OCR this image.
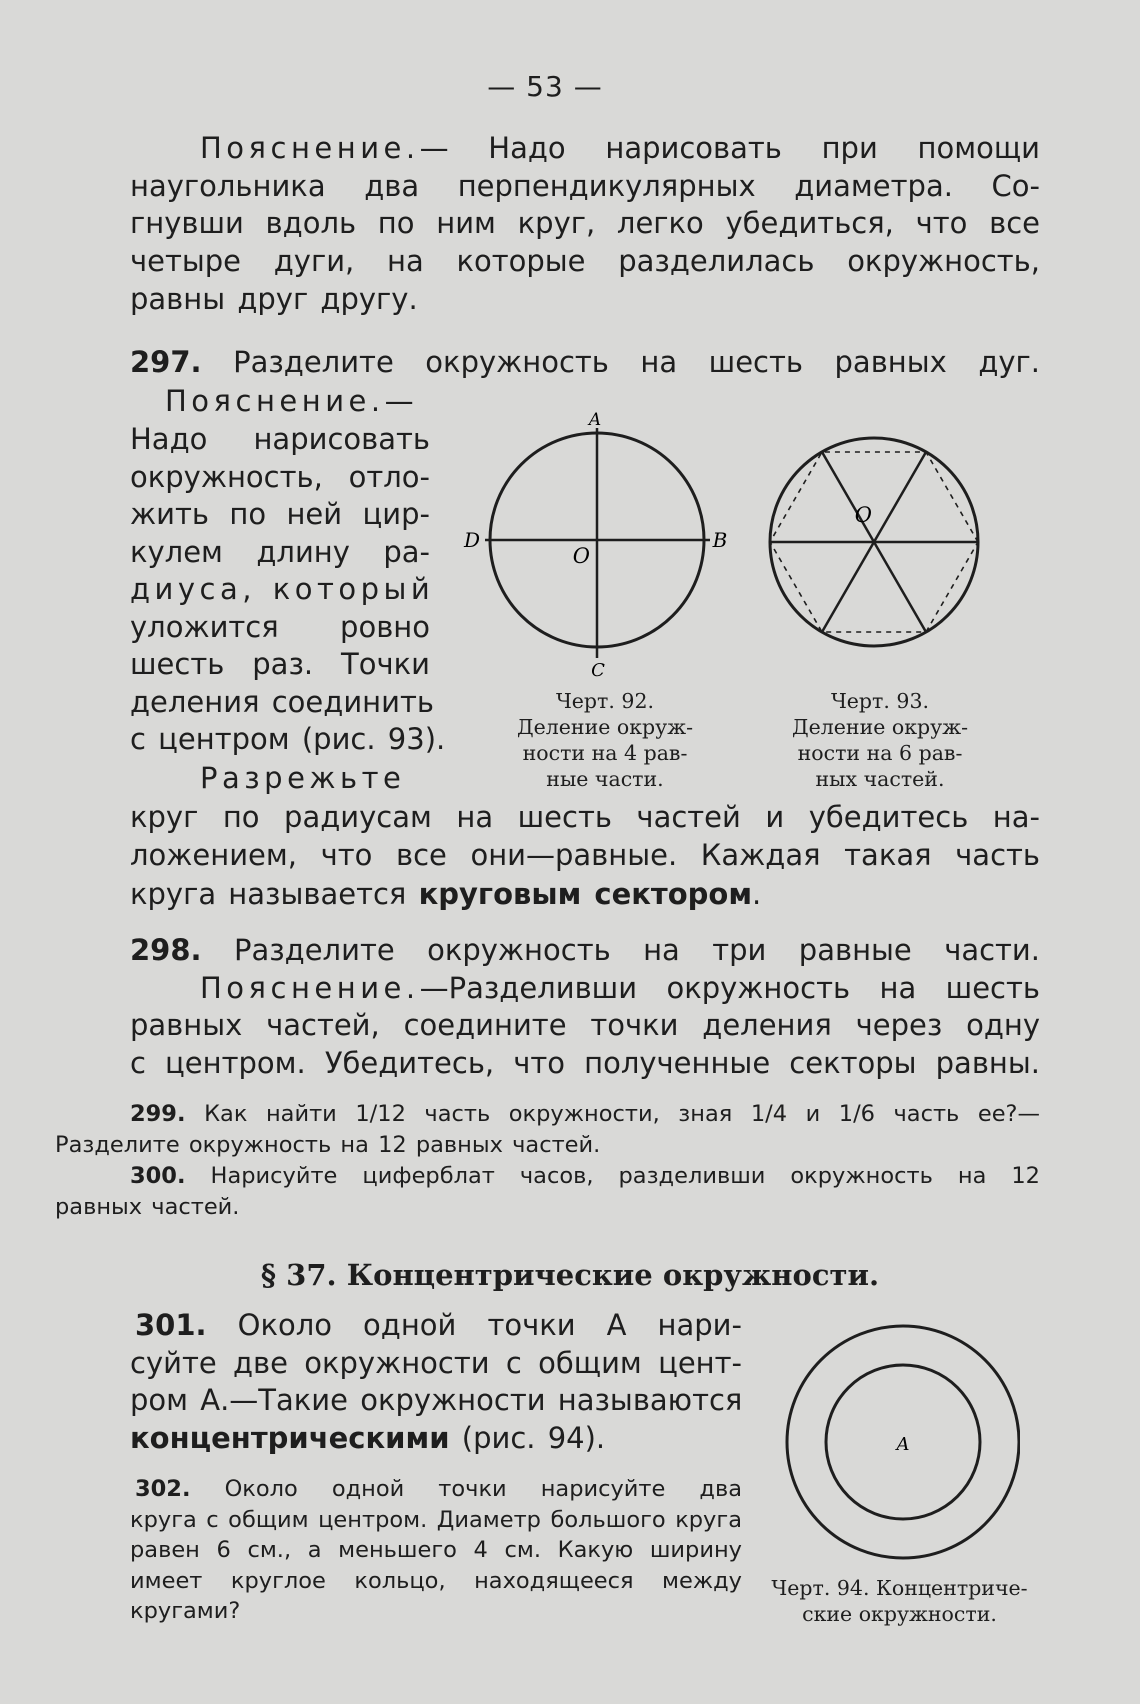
— 53 —
Пояснение.— Надо нарисовать при помощи
наугольника два перпендикулярных диаметра. Со-
гнувши вдоль по ним круг, легко убедиться, что все
четыре дуги, на которые разделилась окружность,
равны друг другу.
297. Разделите окружность на шесть равных дуг.
Пояснение.—
Надо нарисовать
окружность, отло-
жить по ней цир-
кулем длину ра-
диуса, который
уложится ровно
шесть раз. Точки
деления соединить
с центром (рис. 93).
Разрежьте
круг по радиусам на шесть частей и убедитесь на-
ложением, что все они—равные. Каждая такая часть
круга называется круговым сектором.
A
D	B
C
O
Черт. 92.
Деление окруж-
ности на 4 рав-
ные части.
O
Черт. 93.
Деление окруж-
ности на 6 рав-
ных частей.
298. Разделите окружность на три равные части.
Пояснение.—Разделивши окружность на шесть
равных частей, соедините точки деления через одну
с центром. Убедитесь, что полученные секторы равны.
299. Как найти 1/12 часть окружности, зная 1/4 и 1/6 часть ее?—
Разделите окружность на 12 равных частей.
300. Нарисуйте циферблат часов, разделивши окружность на 12
равных частей.
§ 37. Концентрические окружности.
301. Около одной точки А нари-
суйте две окружности с общим цент-
ром А.—Такие окружности называются
концентрическими (рис. 94).
302. Около одной точки нарисуйте два
круга с общим центром. Диаметр большого круга
равен 6 см., а меньшего 4 см. Какую ширину
имеет круглое кольцо, находящееся между
кругами?
A
Черт. 94. Концентриче-
ские окружности.
